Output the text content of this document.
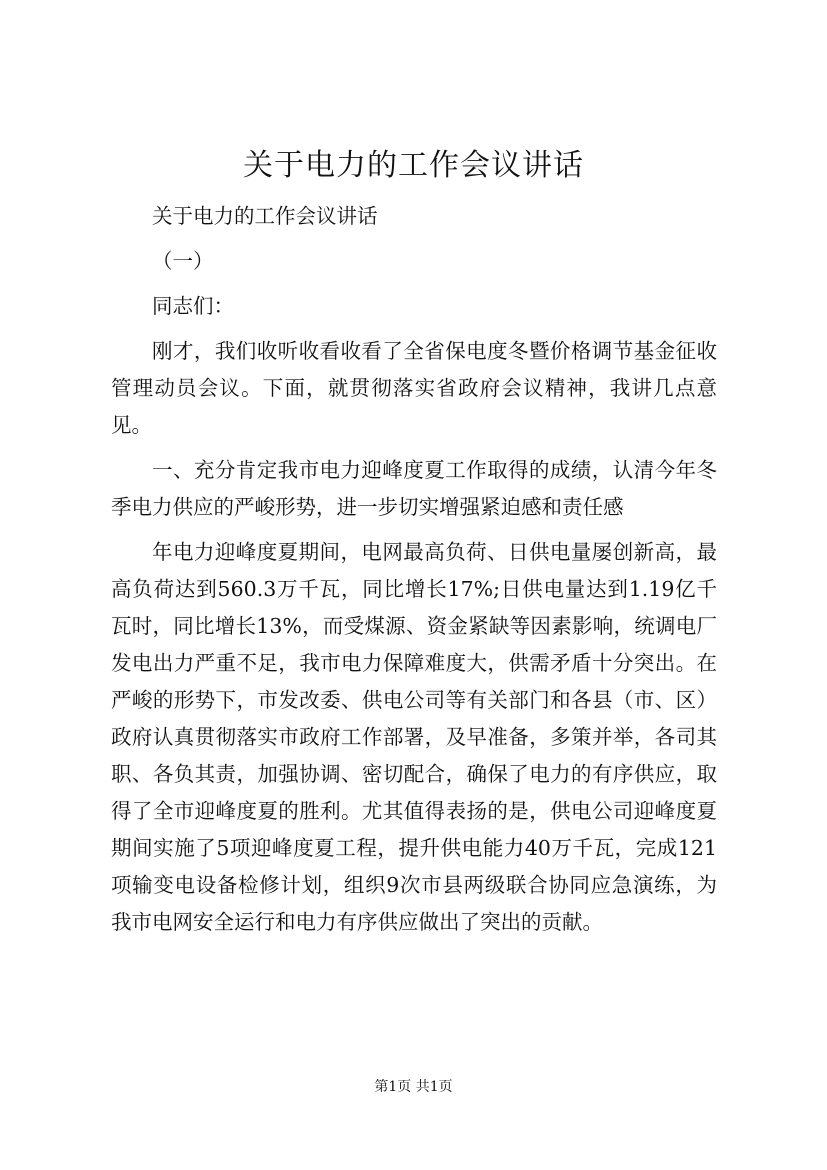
关于电力的工作会议讲话

关于电力的工作会议讲话

（一）

同志们：

刚才，我们收听收看收看了全省保电度冬暨价格调节基金征收管理动员会议。下面，就贯彻落实省政府会议精神，我讲几点意见。

一、充分肯定我市电力迎峰度夏工作取得的成绩，认清今年冬季电力供应的严峻形势，进一步切实增强紧迫感和责任感

年电力迎峰度夏期间，电网最高负荷、日供电量屡创新高，最高负荷达到560.3万千瓦，同比增长17%;日供电量达到1.19亿千瓦时，同比增长13%，而受煤源、资金紧缺等因素影响，统调电厂发电出力严重不足，我市电力保障难度大，供需矛盾十分突出。在严峻的形势下，市发改委、供电公司等有关部门和各县（市、区）政府认真贯彻落实市政府工作部署，及早准备，多策并举，各司其职、各负其责，加强协调、密切配合，确保了电力的有序供应，取得了全市迎峰度夏的胜利。尤其值得表扬的是，供电公司迎峰度夏期间实施了5项迎峰度夏工程，提升供电能力40万千瓦，完成121项输变电设备检修计划，组织9次市县两级联合协同应急演练，为我市电网安全运行和电力有序供应做出了突出的贡献。

第1页 共1页
